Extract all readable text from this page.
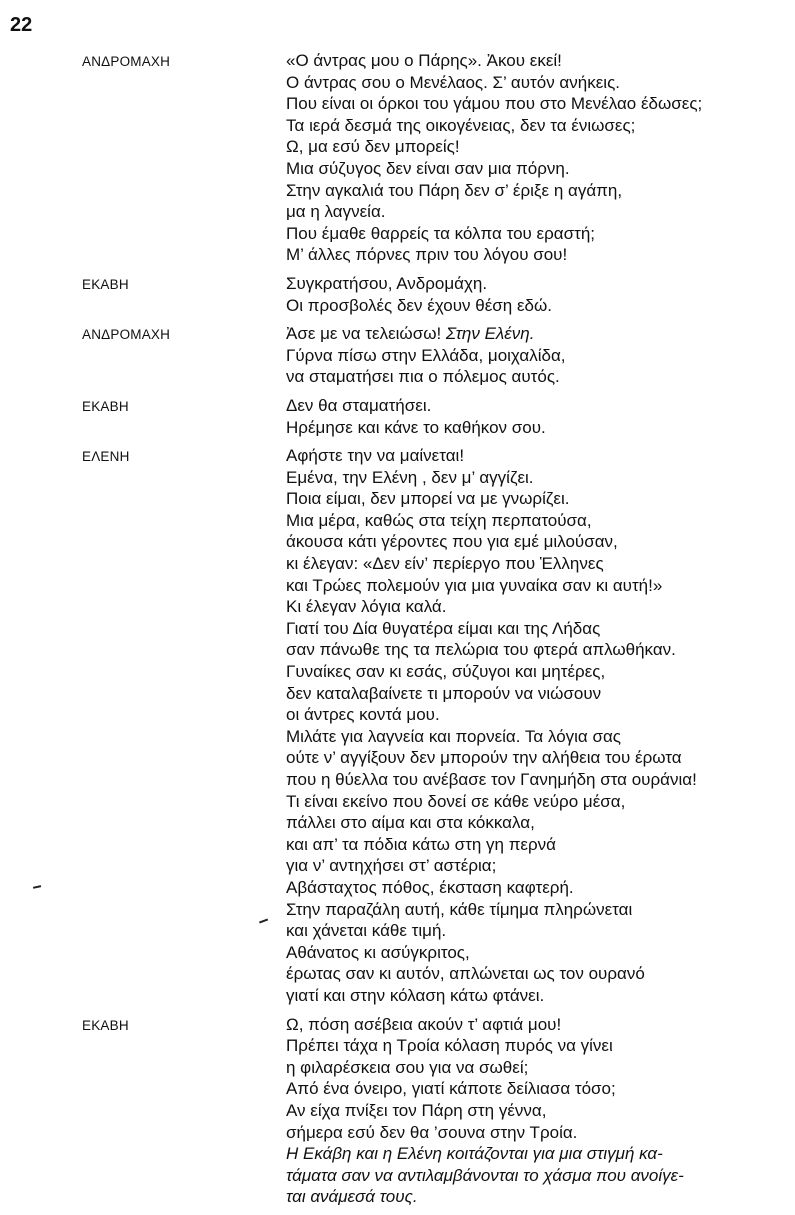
22
ΑΝΔΡΟΜΑΧΗ	«Ο άντρας μου ο Πάρης». Ἀκου εκεί!
Ο άντρας σου ο Μενέλαος. Σ’ αυτόν ανήκεις.
Που είναι οι όρκοι του γάμου που στο Μενέλαο έδωσες;
Τα ιερά δεσμά της οικογένειας, δεν τα ένιωσες;
Ω, μα εσύ δεν μπορείς!
Μια σύζυγος δεν είναι σαν μια πόρνη.
Στην αγκαλιά του Πάρη δεν σ’ έριξε η αγάπη,
μα η λαγνεία.
Που έμαθε θαρρείς τα κόλπα του εραστή;
Μ’ άλλες πόρνες πριν του λόγου σου!
ΕΚΑΒΗ	Συγκρατήσου, Ανδρομάχη.
Οι προσβολές δεν έχουν θέση εδώ.
ΑΝΔΡΟΜΑΧΗ	Ἀσε με να τελειώσω! Στην Ελένη.
Γύρνα πίσω στην Ελλάδα, μοιχαλίδα,
να σταματήσει πια ο πόλεμος αυτός.
ΕΚΑΒΗ	Δεν θα σταματήσει.
Ηρέμησε και κάνε το καθήκον σου.
ΕΛΕΝΗ	Αφήστε την να μαίνεται!
Εμένα, την Ελένη , δεν μ’ αγγίζει.
Ποια είμαι, δεν μπορεί να με γνωρίζει.
Μια μέρα, καθώς στα τείχη περπατούσα,
άκουσα κάτι γέροντες που για εμέ μιλούσαν,
κι έλεγαν: «Δεν είν’ περίεργο που Ἑλληνες
και Τρώες πολεμούν για μια γυναίκα σαν κι αυτή!»
Κι έλεγαν λόγια καλά.
Γιατί του Δία θυγατέρα είμαι και της Λήδας
σαν πάνωθε της τα πελώρια του φτερά απλωθήκαν.
Γυναίκες σαν κι εσάς, σύζυγοι και μητέρες,
δεν καταλαβαίνετε τι μπορούν να νιώσουν
οι άντρες κοντά μου.
Μιλάτε για λαγνεία και πορνεία. Τα λόγια σας
ούτε ν’ αγγίξουν δεν μπορούν την αλήθεια του έρωτα
που η θύελλα του ανέβασε τον Γανημήδη στα ουράνια!
Τι είναι εκείνο που δονεί σε κάθε νεύρο μέσα,
πάλλει στο αίμα και στα κόκκαλα,
και απ’ τα πόδια κάτω στη γη περνά
για ν’ αντηχήσει στ’ αστέρια;
Αβάσταχτος πόθος, έκσταση καφτερή.
Στην παραζάλη αυτή, κάθε τίμημα πληρώνεται
και χάνεται κάθε τιμή.
Αθάνατος κι ασύγκριτος,
έρωτας σαν κι αυτόν, απλώνεται ως τον ουρανό
γιατί και στην κόλαση κάτω φτάνει.
ΕΚΑΒΗ	Ω, πόση ασέβεια ακούν τ’ αφτιά μου!
Πρέπει τάχα η Τροία κόλαση πυρός να γίνει
η φιλαρέσκεια σου για να σωθεί;
Από ένα όνειρο, γιατί κάποτε δείλιασα τόσο;
Αν είχα πνίξει τον Πάρη στη γέννα,
σήμερα εσύ δεν θα ’σουνα στην Τροία.
Η Εκάβη και η Ελένη κοιτάζονται για μια στιγμή κα-
τάματα σαν να αντιλαμβάνονται το χάσμα που ανοίγε-
ται ανάμεσά τους.
